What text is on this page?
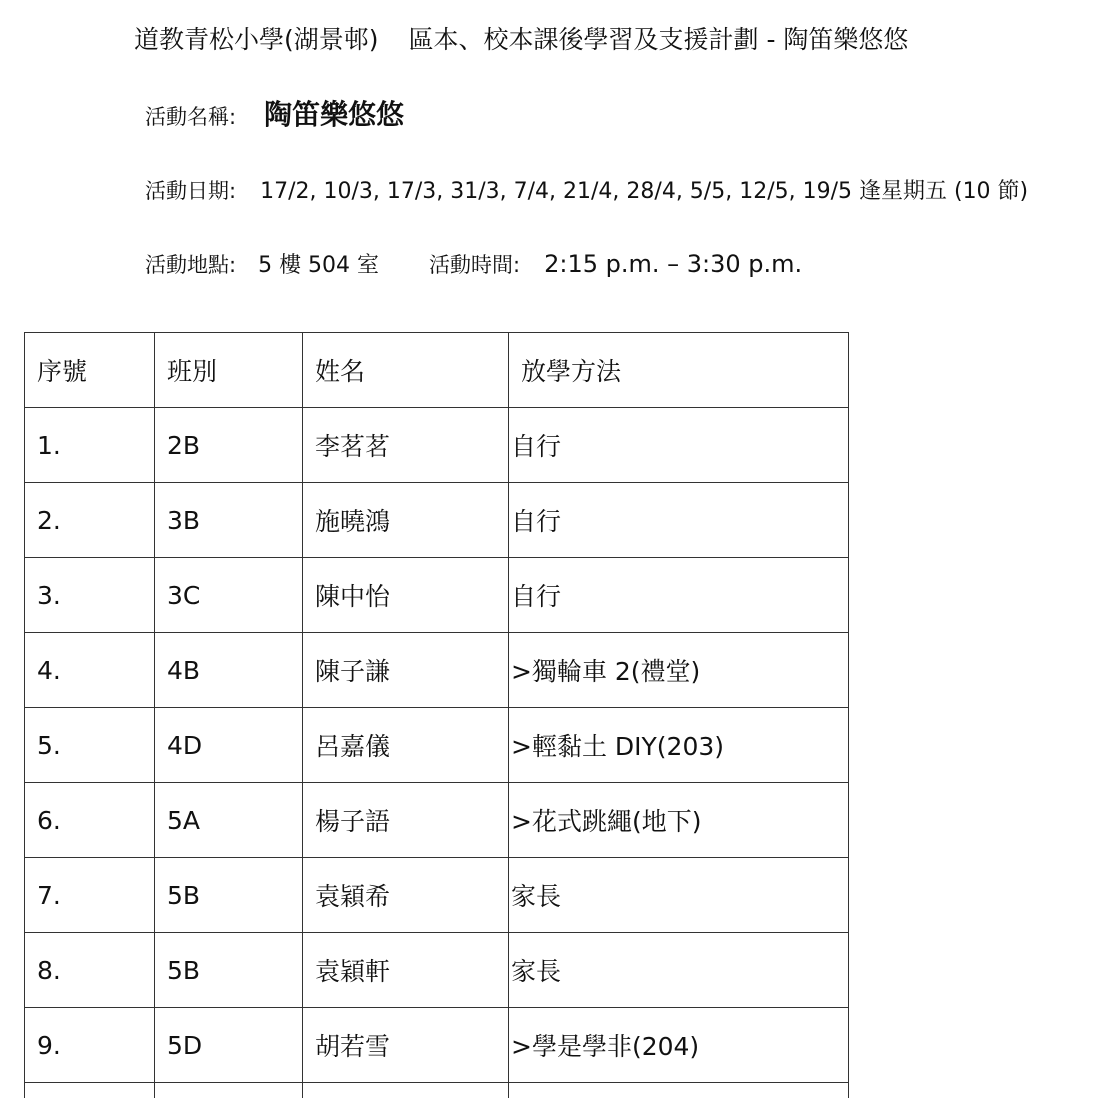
道教青松小學(湖景邨) 區本、校本課後學習及支援計劃 - 陶笛樂悠悠
活動名稱: 陶笛樂悠悠
活動日期: 17/2, 10/3, 17/3, 31/3, 7/4, 21/4, 28/4, 5/5, 12/5, 19/5 逢星期五 (10 節)
活動地點: 5 樓 504 室 活動時間: 2:15 p.m. – 3:30 p.m.
序號	班別	姓名	放學方法
1.	2B	李茗茗	自行
2.	3B	施曉鴻	自行
3.	3C	陳中怡	自行
4.	4B	陳子謙	>獨輪車 2(禮堂)
5.	4D	呂嘉儀	>輕黏土 DIY(203)
6.	5A	楊子語	>花式跳繩(地下)
7.	5B	袁穎希	家長
8.	5B	袁穎軒	家長
9.	5D	胡若雪	>學是學非(204)
